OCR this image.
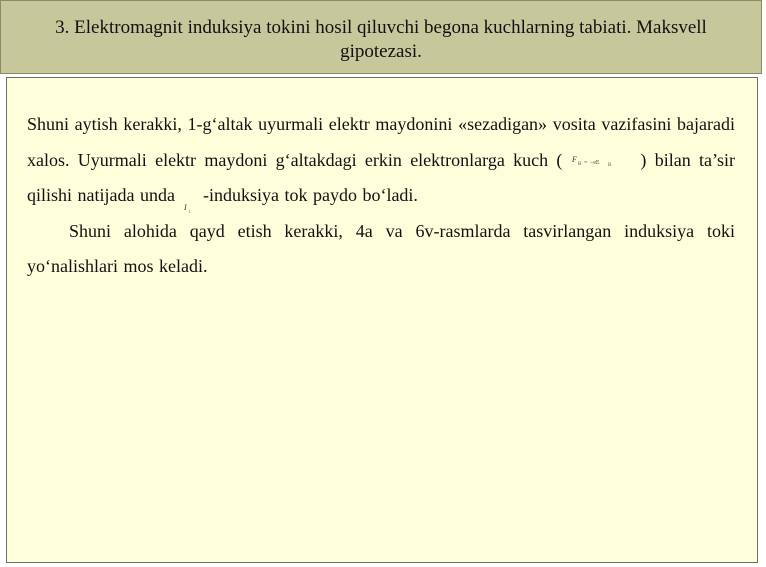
3. Elektromagnit induksiya tokini hosil qiluvchi begona kuchlarning tabiati. Maksvell gipotezasi.

Shuni aytish kerakki, 1-g‘altak uyurmali elektr maydonini «sezadigan» vosita vazifasini bajaradi xalos. Uyurmali elektr maydoni g‘altakdagi erkin elektronlarga kuch ( F
B = −eE B ) bilan ta’sir qilishi natijada unda
I
i
-induksiya tok paydo bo‘ladi.

Shuni alohida qayd etish kerakki, 4a va 6v-rasmlarda tasvirlangan induksiya toki yo‘nalishlari mos keladi.
